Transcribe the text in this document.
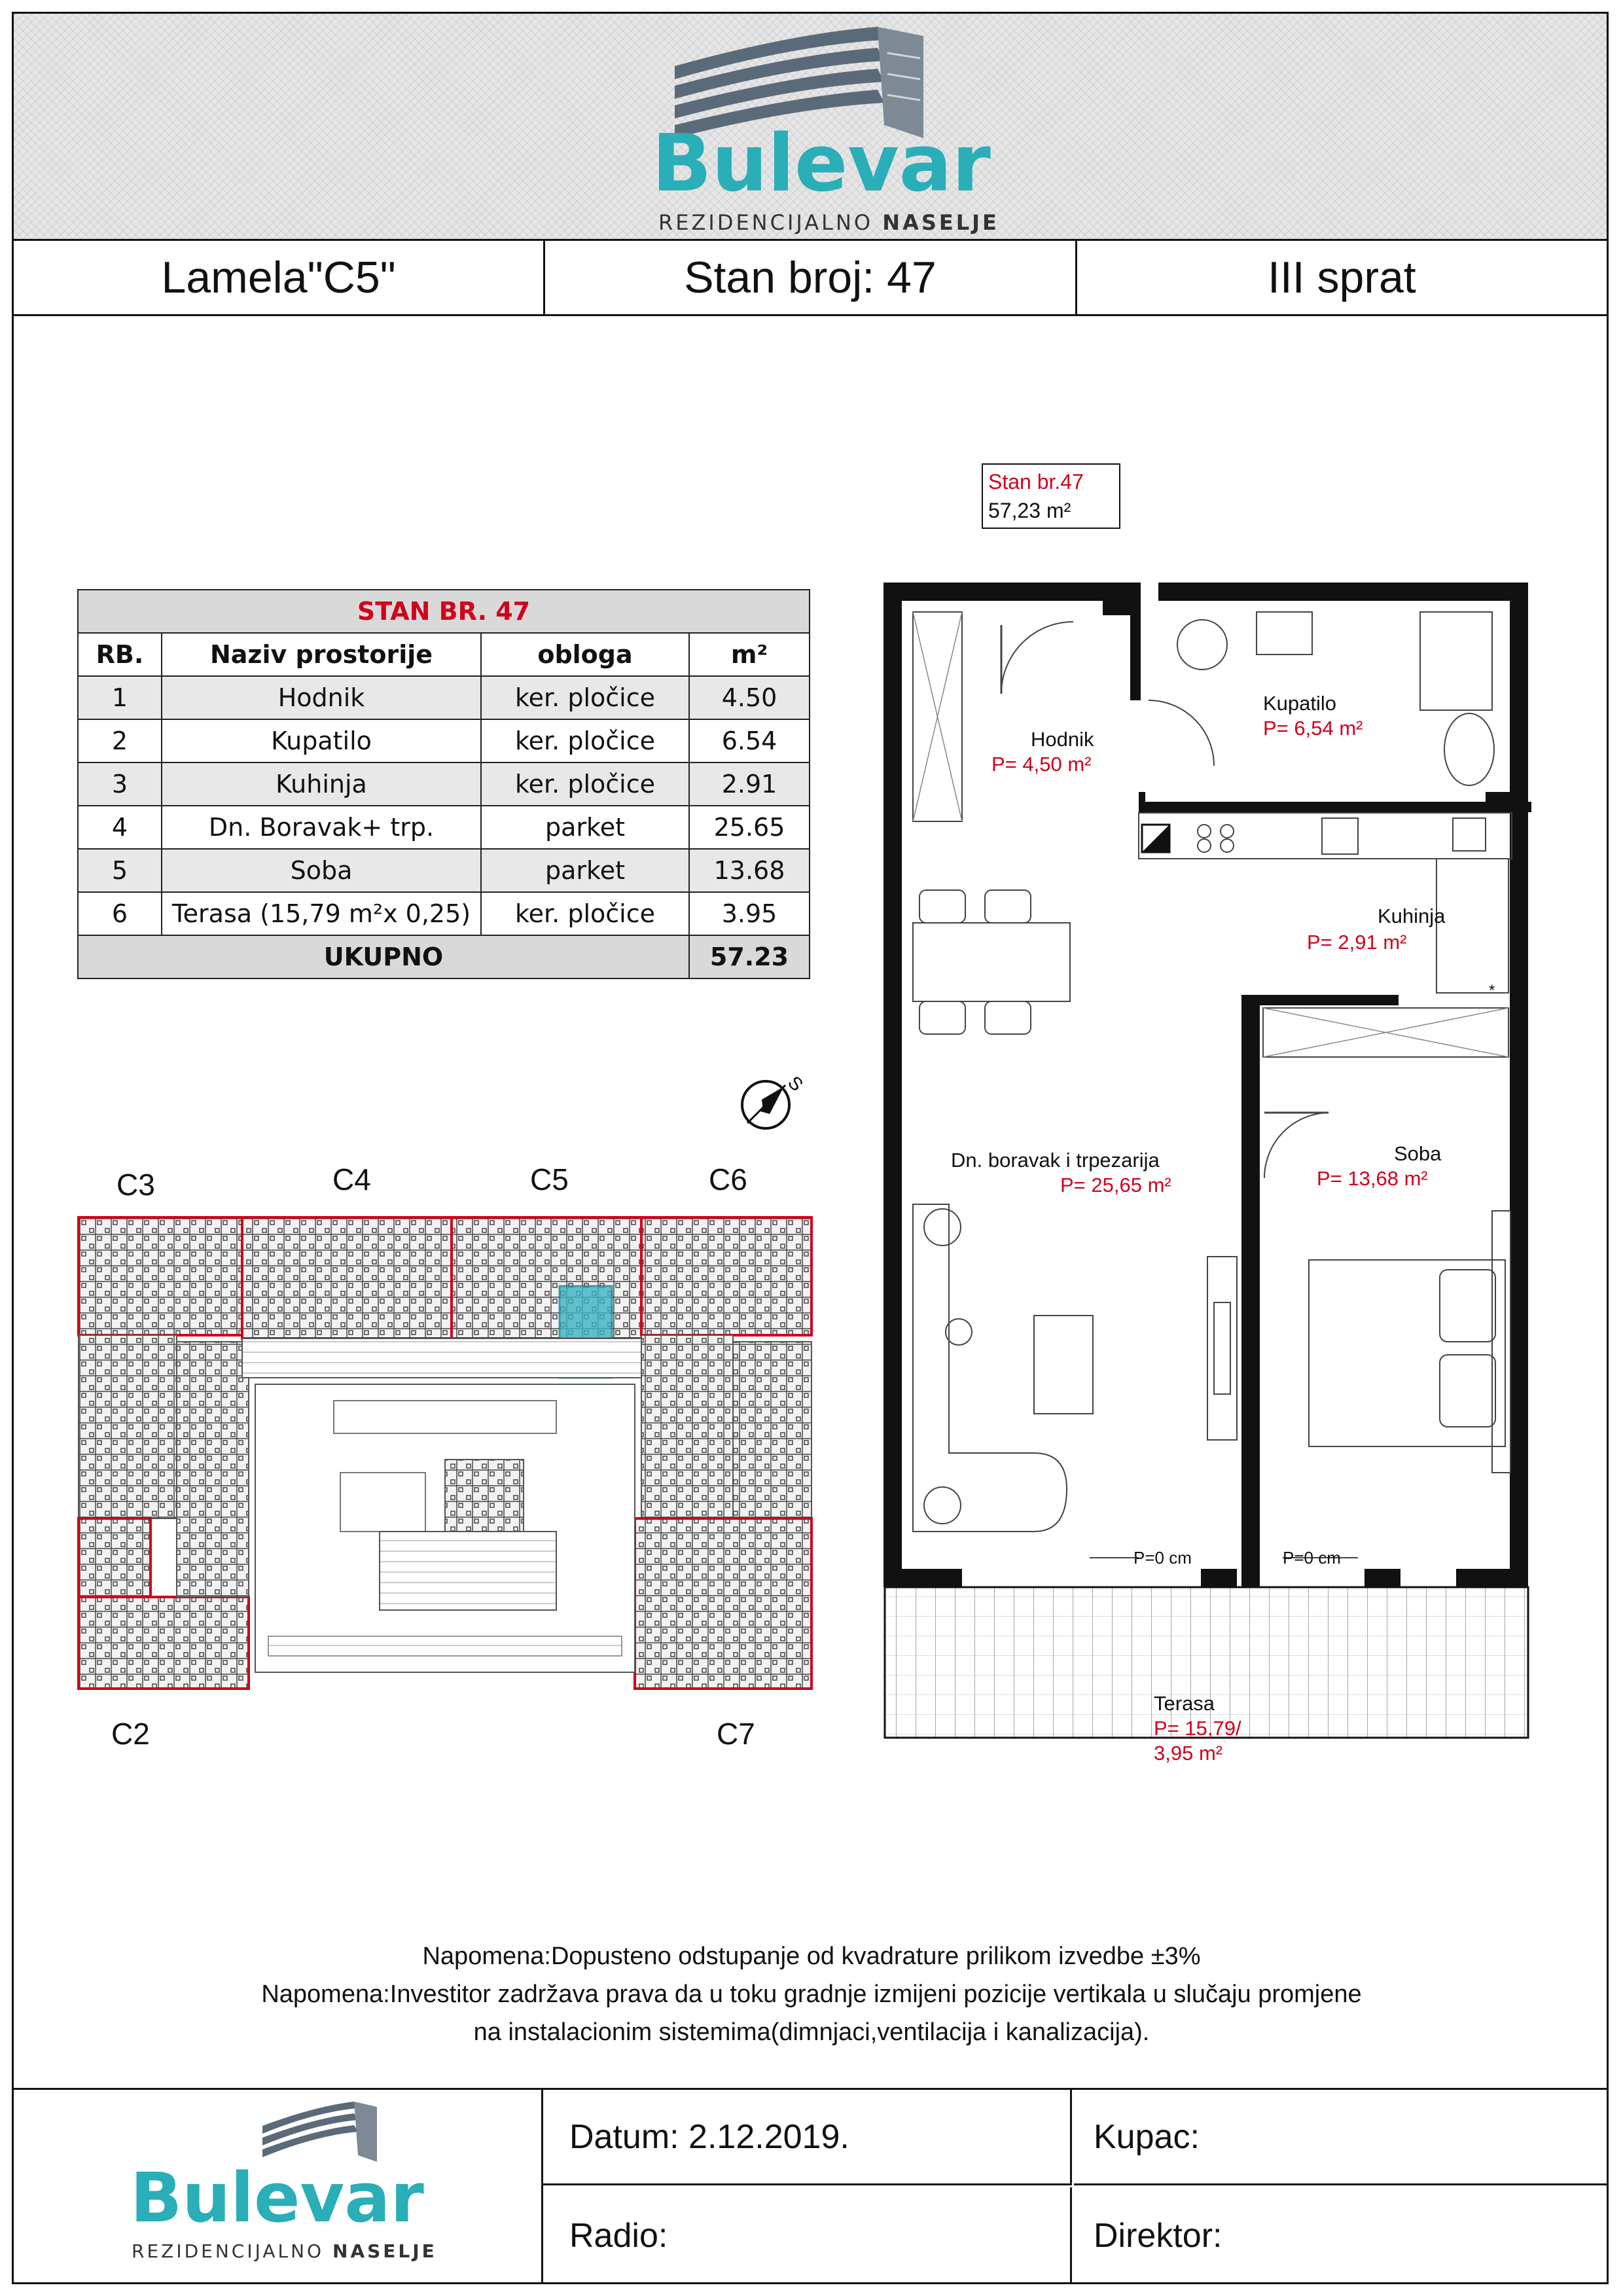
Bulevar
REZIDENCIJALNO NASELJE
Lamela"C5"	Stan broj: 47	III sprat
STAN BR. 47			
RB.	Naziv prostorije	obloga	m²
1	Hodnik	ker. pločice	4.50
2	Kupatilo	ker. pločice	6.54
3	Kuhinja	ker. pločice	2.91
4	Dn. Boravak+ trp.	parket	25.65
5	Soba	parket	13.68
6	Terasa (15,79 m²x 0,25)	ker. pločice	3.95
UKUPNO			57.23
S
C3	C4	C5	C6
C2	C7
Stan br.47
57,23 m²
Hodnik
P= 4,50 m²
Kupatilo
P= 6,54 m²
Kuhinja
P= 2,91 m²
*
Dn. boravak i trpezarija
P= 25,65 m²
Soba
P= 13,68 m²
P=0 cm	P=0 cm
Terasa
P= 15,79/
3,95 m²
Napomena:Dopusteno odstupanje od kvadrature prilikom izvedbe ±3%
Napomena:Investitor zadržava prava da u toku gradnje izmijeni pozicije vertikala u slučaju promjene
na instalacionim sistemima(dimnjaci,ventilacija i kanalizacija).
Bulevar
REZIDENCIJALNO NASELJE
Datum: 2.12.2019.	Kupac:
Radio:	Direktor:
